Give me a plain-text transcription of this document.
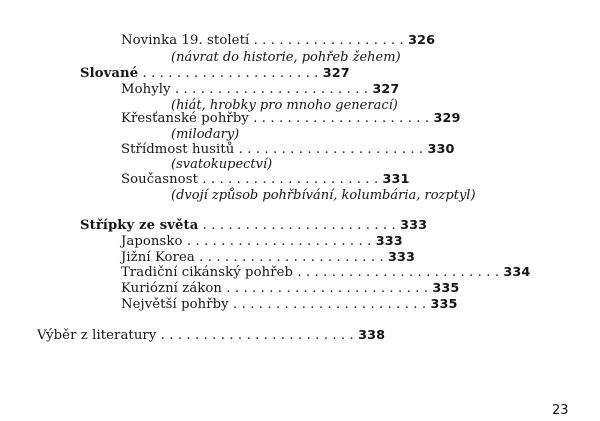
Novinka 19. století . . . . . . . . . . . . . . . . . . 326
(návrat do historie, pohřeb žehem)
Slované . . . . . . . . . . . . . . . . . . . . . 327
Mohyly . . . . . . . . . . . . . . . . . . . . . . . 327
(hiát, hrobky pro mnoho generací)
Křesťanské pohřby . . . . . . . . . . . . . . . . . . . . . 329
(milodary)
Střídmost husitů . . . . . . . . . . . . . . . . . . . . . . 330
(svatokupectví)
Současnost . . . . . . . . . . . . . . . . . . . . . 331
(dvojí způsob pohřbívání, kolumbária, rozptyl)
Střípky ze světa . . . . . . . . . . . . . . . . . . . . . . . 333
Japonsko . . . . . . . . . . . . . . . . . . . . . . 333
Jižní Korea . . . . . . . . . . . . . . . . . . . . . . 333
Tradiční cikánský pohřeb . . . . . . . . . . . . . . . . . . . . . . . . 334
Kuriózní zákon . . . . . . . . . . . . . . . . . . . . . . . . 335
Největší pohřby . . . . . . . . . . . . . . . . . . . . . . . 335
Výběr z literatury . . . . . . . . . . . . . . . . . . . . . . . 338
23
